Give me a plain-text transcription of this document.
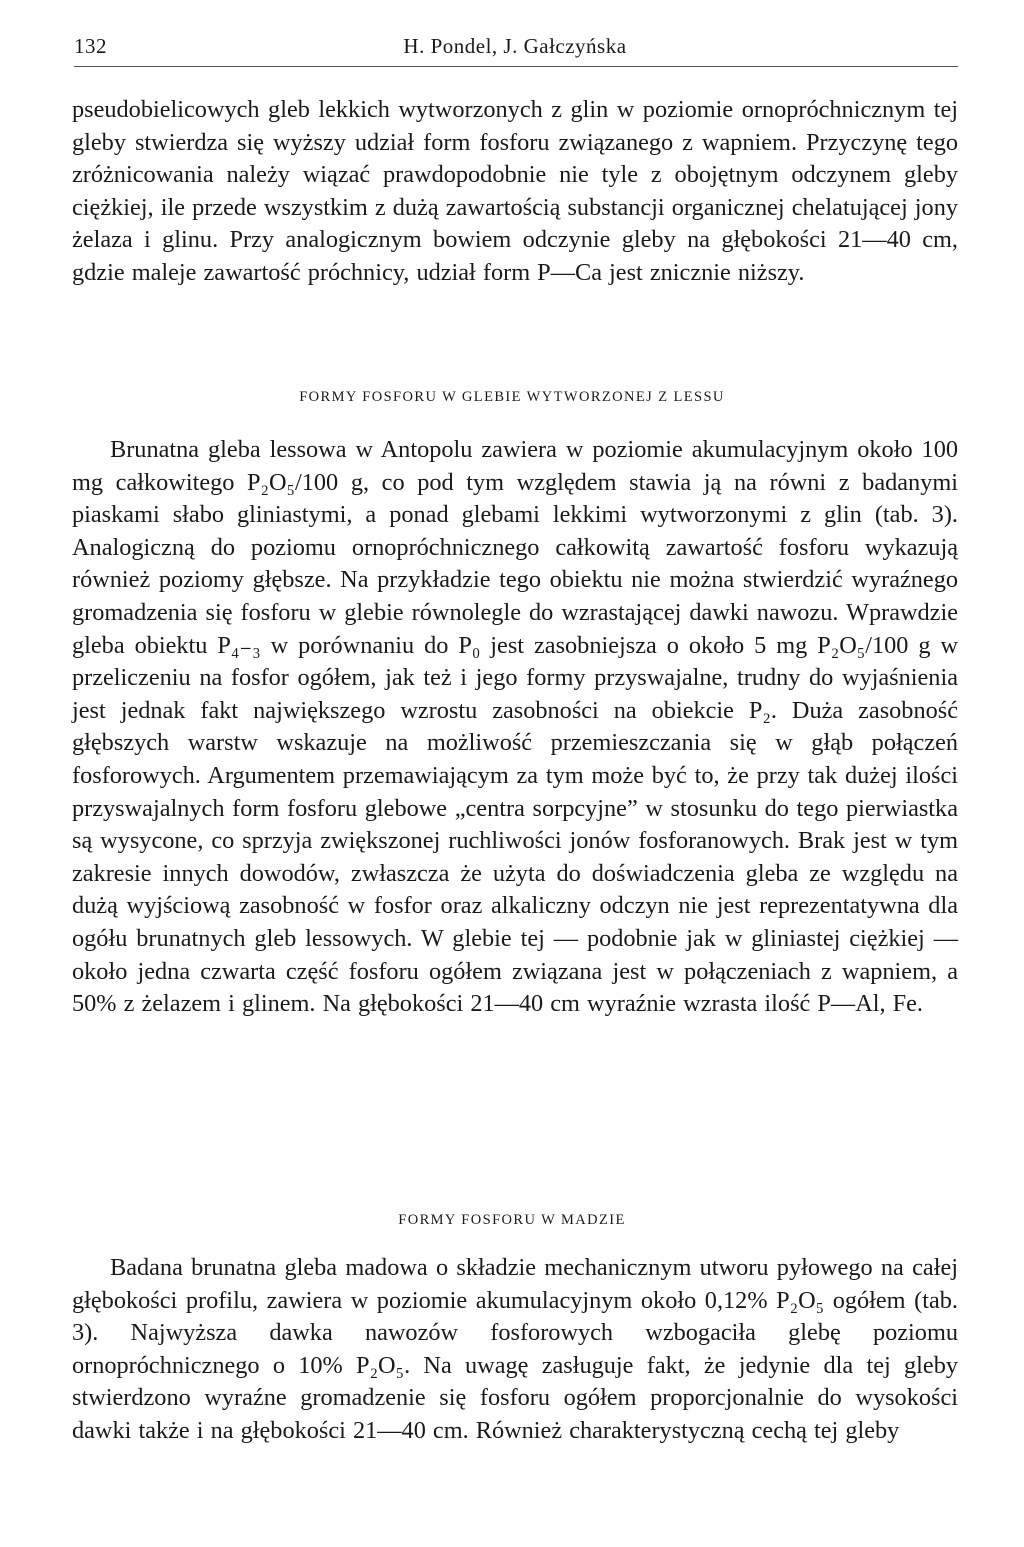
132	H. Pondel, J. Gałczyńska

pseudobielicowych gleb lekkich wytworzonych z glin w poziomie ornopróchnicznym tej gleby stwierdza się wyższy udział form fosforu związanego z wapniem. Przyczynę tego zróżnicowania należy wiązać prawdopodobnie nie tyle z obojętnym odczynem gleby ciężkiej, ile przede wszystkim z dużą zawartością substancji organicznej chelatującej jony żelaza i glinu. Przy analogicznym bowiem odczynie gleby na głębokości 21—40 cm, gdzie maleje zawartość próchnicy, udział form P—Ca jest znicznie niższy.

FORMY FOSFORU W GLEBIE WYTWORZONEJ Z LESSU

Brunatna gleba lessowa w Antopolu zawiera w poziomie akumulacyjnym około 100 mg całkowitego P₂O₅/100 g, co pod tym względem stawia ją na równi z badanymi piaskami słabo gliniastymi, a ponad glebami lekkimi wytworzonymi z glin (tab. 3). Analogiczną do poziomu ornopróchnicznego całkowitą zawartość fosforu wykazują również poziomy głębsze. Na przykładzie tego obiektu nie można stwierdzić wyraźnego gromadzenia się fosforu w glebie równolegle do wzrastającej dawki nawozu. Wprawdzie gleba obiektu P₄₋₃ w porównaniu do P₀ jest zasobniejsza o około 5 mg P₂O₅/100 g w przeliczeniu na fosfor ogółem, jak też i jego formy przyswajalne, trudny do wyjaśnienia jest jednak fakt największego wzrostu zasobności na obiekcie P₂. Duża zasobność głębszych warstw wskazuje na możliwość przemieszczania się w głąb połączeń fosforowych. Argumentem przemawiającym za tym może być to, że przy tak dużej ilości przyswajalnych form fosforu glebowe „centra sorpcyjne” w stosunku do tego pierwiastka są wysycone, co sprzyja zwiększonej ruchliwości jonów fosforanowych. Brak jest w tym zakresie innych dowodów, zwłaszcza że użyta do doświadczenia gleba ze względu na dużą wyjściową zasobność w fosfor oraz alkaliczny odczyn nie jest reprezentatywna dla ogółu brunatnych gleb lessowych. W glebie tej — podobnie jak w gliniastej ciężkiej — około jedna czwarta część fosforu ogółem związana jest w połączeniach z wapniem, a 50% z żelazem i glinem. Na głębokości 21—40 cm wyraźnie wzrasta ilość P—Al, Fe.

FORMY FOSFORU W MADZIE

Badana brunatna gleba madowa o składzie mechanicznym utworu pyłowego na całej głębokości profilu, zawiera w poziomie akumulacyjnym około 0,12% P₂O₅ ogółem (tab. 3). Najwyższa dawka nawozów fosforowych wzbogaciła glebę poziomu ornopróchnicznego o 10% P₂O₅. Na uwagę zasługuje fakt, że jedynie dla tej gleby stwierdzono wyraźne gromadzenie się fosforu ogółem proporcjonalnie do wysokości dawki także i na głębokości 21—40 cm. Również charakterystyczną cechą tej gleby
